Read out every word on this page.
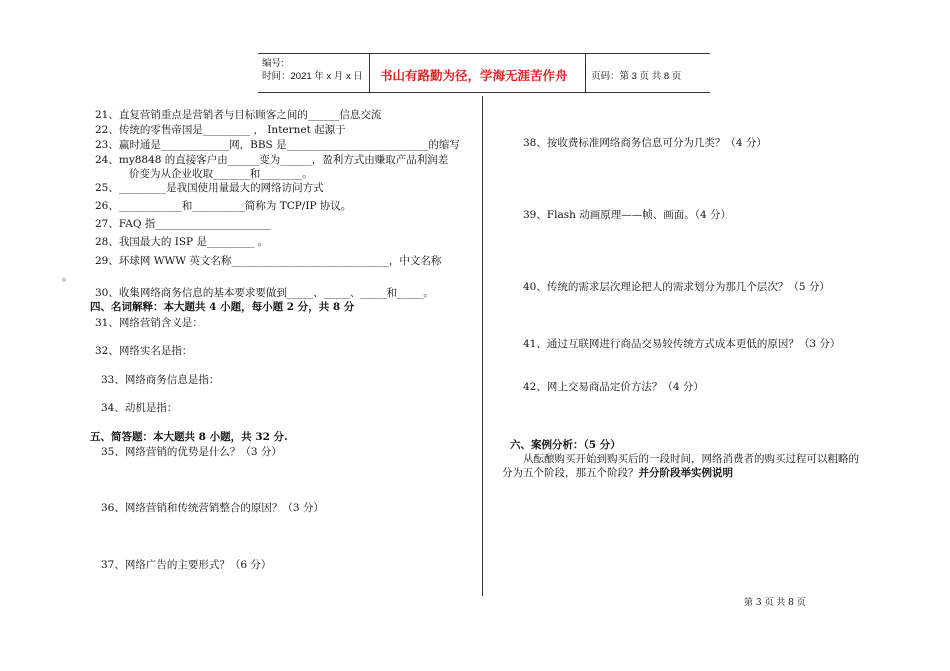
编号:
时间：2021 年 x 月 x 日 书山有路勤为径，学海无涯苦作舟 页码：第 3 页 共 8 页
21、直复营销重点是营销者与目标顾客之间的______信息交流
22、传统的零售帝国是_________ ， Internet 起源于
23、赢时通是_____________网，BBS 是___________________________的缩写
24、my8848 的直接客户由______变为______，盈利方式由赚取产品利润差
价变为从企业收取_______和________。
25、_________是我国使用量最大的网络访问方式
26、____________和__________简称为 TCP/IP 协议。
27、FAQ 指______________________
28、我国最大的 ISP 是_________ 。
29、环球网 WWW 英文名称______________________________，中文名称
。
30、收集网络商务信息的基本要求要做到_____、_____、_____和_____。
四、名词解释：本大题共 4 小题，每小题 2 分，共 8 分
31、网络营销含义是：
32、网络实名是指：
33、网络商务信息是指：
34、动机是指：
五、简答题：本大题共 8 小题，共 32 分.
35、网络营销的优势是什么？（3 分）
36、网络营销和传统营销整合的原因？（3 分）
37、网络广告的主要形式？（6 分）
38、按收费标准网络商务信息可分为几类？（4 分）
39、Flash 动画原理——帧、画面。（4 分）
40、传统的需求层次理论把人的需求划分为那几个层次？（5 分）
41、通过互联网进行商品交易较传统方式成本更低的原因？（3 分）
42、网上交易商品定价方法？（4 分）
六、案例分析：（5 分）
从酝酿购买开始到购买后的一段时间，网络消费者的购买过程可以粗略的
分为五个阶段，那五个阶段？并分阶段举实例说明
第 3 页 共 8 页
